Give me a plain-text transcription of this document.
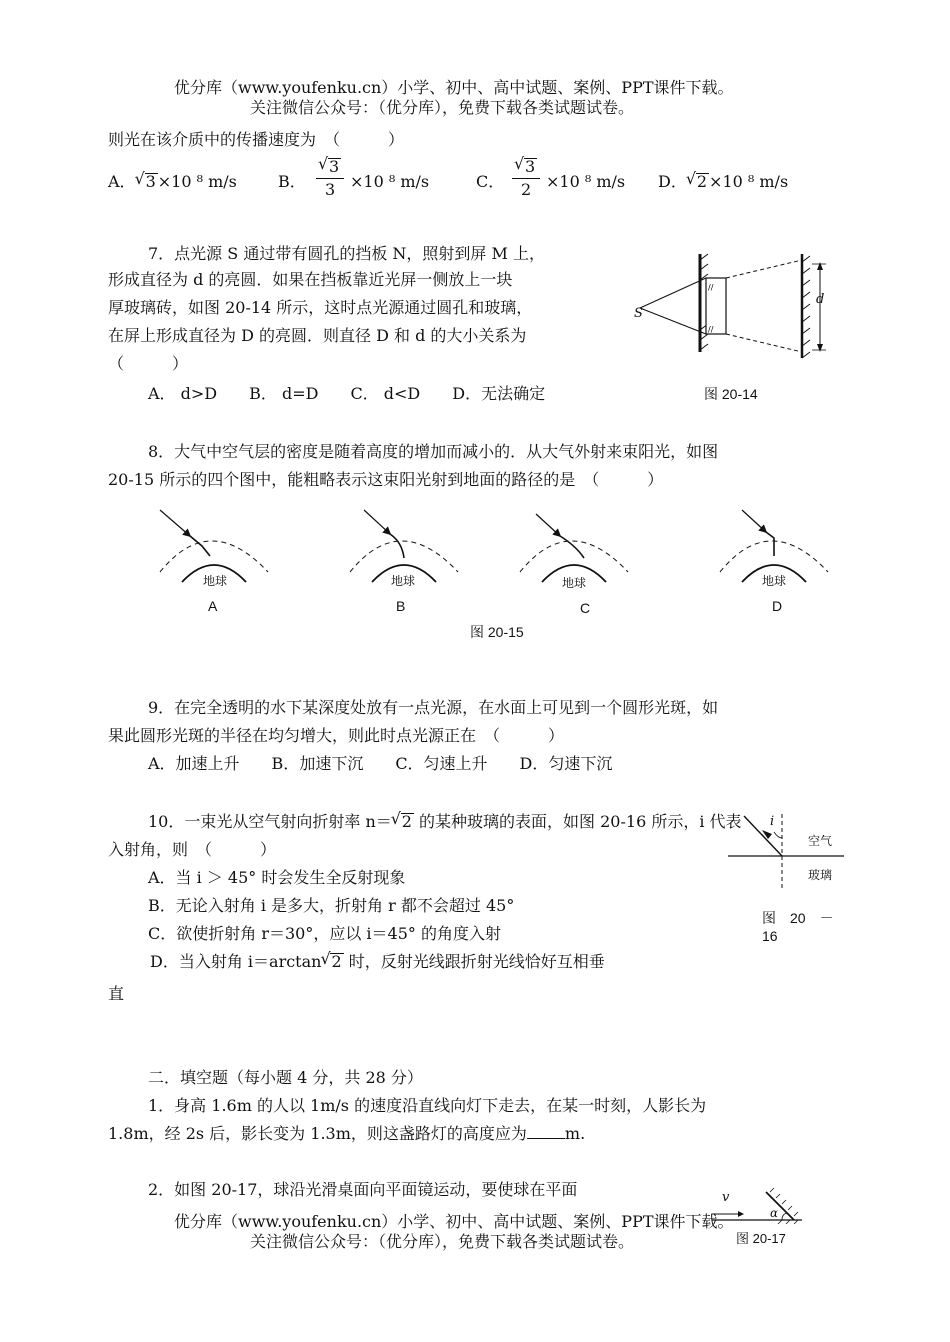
优分库（www.youfenku.cn）小学、初中、高中试题、案例、PPT课件下载。
关注微信公众号：（优分库），免费下载各类试题试卷。
则光在该介质中的传播速度为　（　　　）
A． √ 3 ×10 ⁸ m/s	B． √ $\frac{3}{3} \times 10$ ⁸ m/s	C． √ $\frac{3}{2} \times 10$ ⁸ m/s D． √ 2 ×10 ⁸ m/s
7．点光源 S 通过带有圆孔的挡板 N，照射到屏 M 上，
形成直径为 d 的亮圆．如果在挡板靠近光屏一侧放上一块
厚玻璃砖，如图 20-14 所示，这时点光源通过圆孔和玻璃，
在屏上形成直径为 D 的亮圆．则直径 D 和 d 的大小关系为
（　　　）
A． d>D　　B． d=D　　C． d<D　　D．无法确定
//
//
S
d
图 20-14
8．大气中空气层的密度是随着高度的增加而减小的．从大气外射来束阳光，如图
20-15 所示的四个图中，能粗略表示这束阳光射到地面的路径的是　（　　　）
地球	地球	地球	地球
A	B	C	D
图 20-15
9．在完全透明的水下某深度处放有一点光源，在水面上可见到一个圆形光斑，如
果此圆形光斑的半径在均匀增大，则此时点光源正在　（　　　）
A．加速上升　　B．加速下沉　　C．匀速上升　　D．匀速下沉
10．一束光从空气射向折射率 n＝ √ 2 的某种玻璃的表面，如图 20-16 所示，i 代表
入射角，则　（　　　）
A．当 i ＞ 45° 时会发生全反射现象
B．无论入射角 i 是多大，折射角 r 都不会超过 45°
C．欲使折射角 r＝30°，应以 i＝45° 的角度入射
D．当入射角 i＝arctan √ 2 时，反射光线跟折射光线恰好互相垂
直
i
空气
玻璃
图　20　－
16
二．填空题（每小题 4 分，共 28 分）
1．身高 1.6m 的人以 1m/s 的速度沿直线向灯下走去，在某一时刻，人影长为
1.8m，经 2s 后，影长变为 1.3m，则这盏路灯的高度应为 m.
2．如图 20-17，球沿光滑桌面向平面镜运动，要使球在平面	v
α
图 20-17
优分库（www.youfenku.cn）小学、初中、高中试题、案例、PPT课件下载。
关注微信公众号：（优分库），免费下载各类试题试卷。
